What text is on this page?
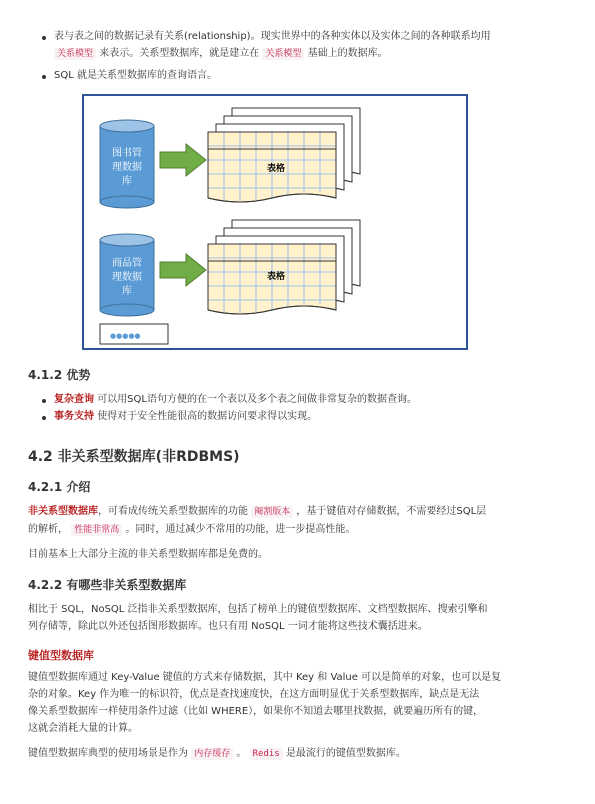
表与表之间的数据记录有关系(relationship)。现实世界中的各种实体以及实体之间的各种联系均用
关系模型 来表示。关系型数据库，就是建立在 关系模型 基础上的数据库。
SQL 就是关系型数据库的查询语言。
图书管
理数据
库
表格
商品管
理数据
库
表格
●●●●●
4.1.2 优势
复杂查询 可以用SQL语句方便的在一个表以及多个表之间做非常复杂的数据查询。
事务支持 使得对于安全性能很高的数据访问要求得以实现。
4.2 非关系型数据库(非RDBMS)
4.2.1 介绍
非关系型数据库，可看成传统关系型数据库的功能 阉割版本 ，基于键值对存储数据，不需要经过SQL层
的解析， 性能非常高 。同时，通过减少不常用的功能，进一步提高性能。
目前基本上大部分主流的非关系型数据库都是免费的。
4.2.2 有哪些非关系型数据库
相比于 SQL，NoSQL 泛指非关系型数据库，包括了榜单上的键值型数据库、文档型数据库、搜索引擎和
列存储等，除此以外还包括图形数据库。也只有用 NoSQL 一词才能将这些技术囊括进来。
键值型数据库
键值型数据库通过 Key-Value 键值的方式来存储数据，其中 Key 和 Value 可以是简单的对象，也可以是复
杂的对象。Key 作为唯一的标识符，优点是查找速度快，在这方面明显优于关系型数据库，缺点是无法
像关系型数据库一样使用条件过滤（比如 WHERE），如果你不知道去哪里找数据，就要遍历所有的键，
这就会消耗大量的计算。
键值型数据库典型的使用场景是作为 内存缓存 。 Redis 是最流行的键值型数据库。
